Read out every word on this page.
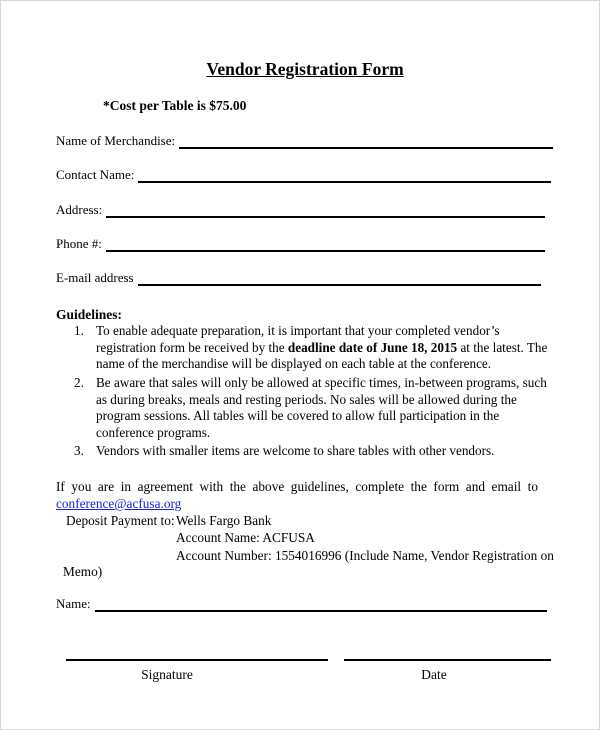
Vendor Registration Form
*Cost per Table is $75.00
Name of Merchandise:
Contact Name:
Address:
Phone #:
E-mail address
Guidelines:
1. To enable adequate preparation, it is important that your completed vendor’s registration form be received by the deadline date of June 18, 2015 at the latest. The name of the merchandise will be displayed on each table at the conference.
2. Be aware that sales will only be allowed at specific times, in-between programs, such as during breaks, meals and resting periods. No sales will be allowed during the program sessions. All tables will be covered to allow full participation in the conference programs.
3. Vendors with smaller items are welcome to share tables with other vendors.
If you are in agreement with the above guidelines, complete the form and email to
conference@acfusa.org
Deposit Payment to: Wells Fargo Bank
Account Name: ACFUSA
Account Number: 1554016996 (Include Name, Vendor Registration on
Memo)
Name:
Signature	Date
